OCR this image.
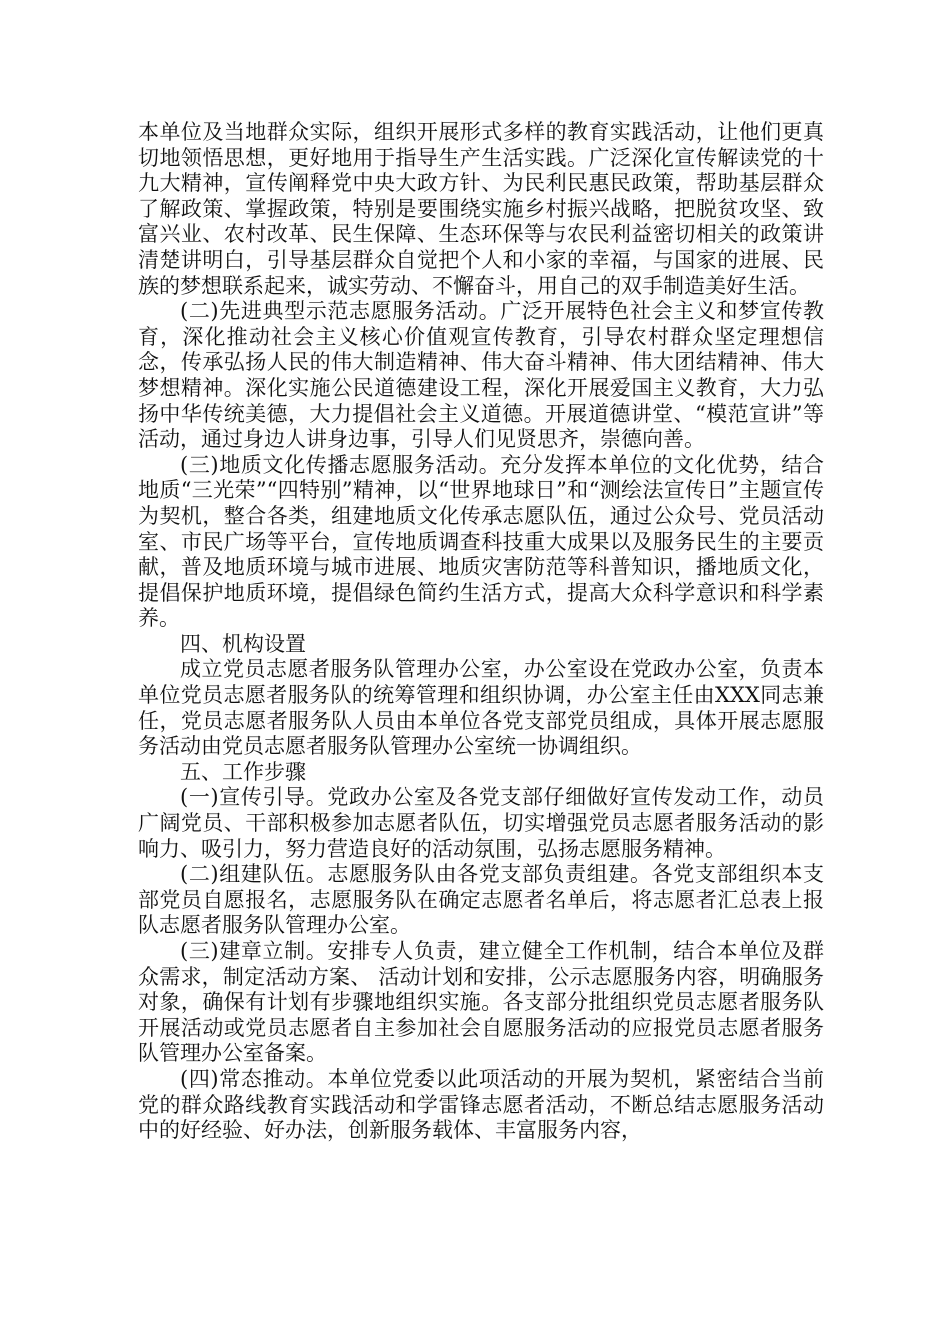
本单位及当地群众实际，组织开展形式多样的教育实践活动，让他们更真切地领悟思想，更好地用于指导生产生活实践。广泛深化宣传解读党的十九大精神，宣传阐释党中央大政方针、为民利民惠民政策，帮助基层群众了解政策、掌握政策，特别是要围绕实施乡村振兴战略，把脱贫攻坚、致富兴业、农村改革、民生保障、生态环保等与农民利益密切相关的政策讲清楚讲明白，引导基层群众自觉把个人和小家的幸福，与国家的进展、民族的梦想联系起来，诚实劳动、不懈奋斗，用自己的双手制造美好生活。

(二)先进典型示范志愿服务活动。广泛开展特色社会主义和梦宣传教育，深化推动社会主义核心价值观宣传教育，引导农村群众坚定理想信念，传承弘扬人民的伟大制造精神、伟大奋斗精神、伟大团结精神、伟大梦想精神。深化实施公民道德建设工程，深化开展爱国主义教育，大力弘扬中华传统美德，大力提倡社会主义道德。开展道德讲堂、“模范宣讲”等活动，通过身边人讲身边事，引导人们见贤思齐，崇德向善。

(三)地质文化传播志愿服务活动。充分发挥本单位的文化优势，结合地质“三光荣”“四特别”精神，以“世界地球日”和“测绘法宣传日”主题宣传为契机，整合各类，组建地质文化传承志愿队伍，通过公众号、党员活动室、市民广场等平台，宣传地质调查科技重大成果以及服务民生的主要贡献，普及地质环境与城市进展、地质灾害防范等科普知识，播地质文化，提倡保护地质环境，提倡绿色简约生活方式，提高大众科学意识和科学素养。

四、机构设置

成立党员志愿者服务队管理办公室，办公室设在党政办公室，负责本单位党员志愿者服务队的统筹管理和组织协调，办公室主任由XXX同志兼任，党员志愿者服务队人员由本单位各党支部党员组成，具体开展志愿服务活动由党员志愿者服务队管理办公室统一协调组织。

五、工作步骤

(一)宣传引导。党政办公室及各党支部仔细做好宣传发动工作，动员广阔党员、干部积极参加志愿者队伍，切实增强党员志愿者服务活动的影响力、吸引力，努力营造良好的活动氛围，弘扬志愿服务精神。

(二)组建队伍。志愿服务队由各党支部负责组建。各党支部组织本支部党员自愿报名，志愿服务队在确定志愿者名单后，将志愿者汇总表上报队志愿者服务队管理办公室。

(三)建章立制。安排专人负责，建立健全工作机制，结合本单位及群众需求，制定活动方案、 活动计划和安排，公示志愿服务内容，明确服务对象，确保有计划有步骤地组织实施。各支部分批组织党员志愿者服务队开展活动或党员志愿者自主参加社会自愿服务活动的应报党员志愿者服务队管理办公室备案。

(四)常态推动。本单位党委以此项活动的开展为契机，紧密结合当前党的群众路线教育实践活动和学雷锋志愿者活动，不断总结志愿服务活动中的好经验、好办法，创新服务载体、丰富服务内容，
